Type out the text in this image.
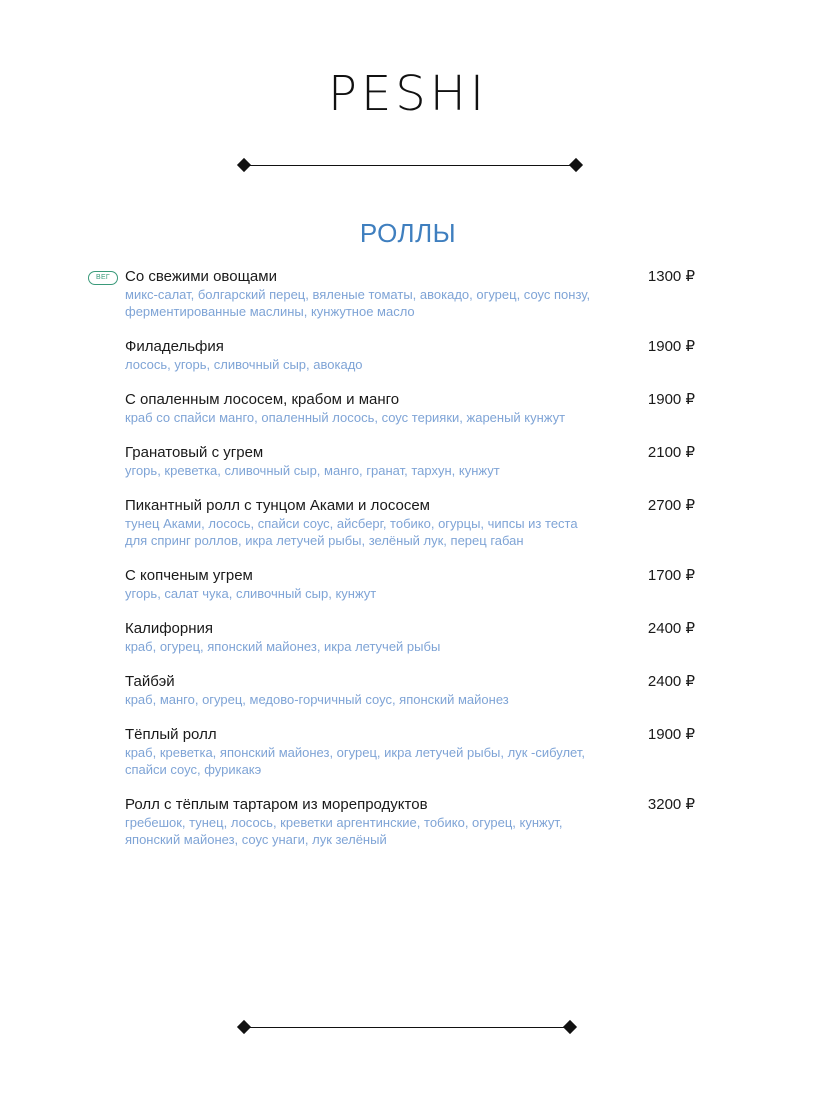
PESHI
РОЛЛЫ
ВЕГ Со свежими овощами	1300 ₽
микс-салат, болгарский перец, вяленые томаты, авокадо, огурец, соус понзу, ферментированные маслины, кунжутное масло
Филадельфия	1900 ₽
лосось, угорь, сливочный сыр, авокадо
С опаленным лососем, крабом и манго	1900 ₽
краб со спайси манго, опаленный лосось, соус терияки, жареный кунжут
Гранатовый с угрем	2100 ₽
угорь, креветка, сливочный сыр, манго, гранат, тархун, кунжут
Пикантный ролл с тунцом Аками и лососем	2700 ₽
тунец Аками, лосось, спайси соус, айсберг, тобико, огурцы, чипсы из теста для спринг роллов, икра летучей рыбы, зелёный лук, перец габан
С копченым угрем	1700 ₽
угорь, салат чука, сливочный сыр, кунжут
Калифорния	2400 ₽
краб, огурец, японский майонез, икра летучей рыбы
Тайбэй	2400 ₽
краб, манго, огурец, медово-горчичный соус, японский майонез
Тёплый ролл	1900 ₽
краб, креветка, японский майонез, огурец, икра летучей рыбы, лук -сибулет, спайси соус, фурикакэ
Ролл с тёплым тартаром из морепродуктов	3200 ₽
гребешок, тунец, лосось, креветки аргентинские, тобико, огурец, кунжут, японский майонез, соус унаги, лук зелёный
